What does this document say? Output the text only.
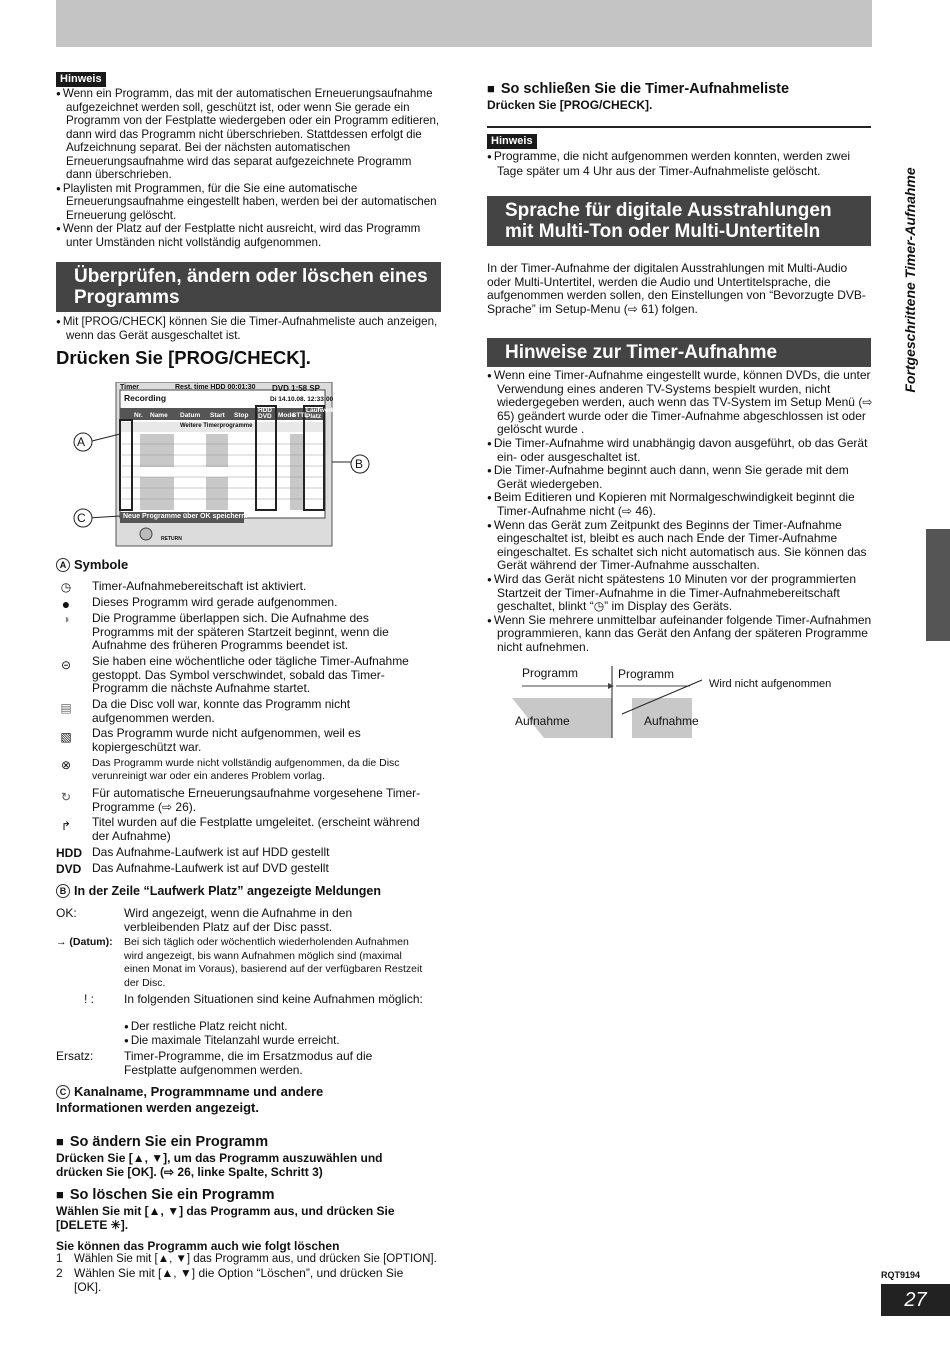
Hinweis

● Wenn ein Programm, das mit der automatischen Erneuerungsaufnahme aufgezeichnet werden soll, geschützt ist, oder wenn Sie gerade ein Programm von der Festplatte wiedergeben oder ein Programm editieren, dann wird das Programm nicht überschrieben. Stattdessen erfolgt die Aufzeichnung separat. Bei der nächsten automatischen Erneuerungsaufnahme wird das separat aufgezeichnete Programm dann überschrieben.

● Playlisten mit Programmen, für die Sie eine automatische Erneuerungsaufnahme eingestellt haben, werden bei der automatischen Erneuerung gelöscht.

● Wenn der Platz auf der Festplatte nicht ausreicht, wird das Programm unter Umständen nicht vollständig aufgenommen.

Überprüfen, ändern oder löschen eines Programms

● Mit [PROG/CHECK] können Sie die Timer-Aufnahmeliste auch anzeigen, wenn das Gerät ausgeschaltet ist.

Drücken Sie [PROG/CHECK].
Timer	Rest. time HDD 00:01:30 DVD 1:58 SP
Recording	Di 14.10.08. 12:33:00
Nr. Name Datum Start Stop
HDD DVD Mode
STTL
Laufwerk Platz
Weitere Timerprogramme
Neue Programme über OK speichern.
RETURN
A
B
C
A Symbole
◷	Timer-Aufnahmebereitschaft ist aktiviert.
●	Dieses Programm wird gerade aufgenommen.
◑	Die Programme überlappen sich. Die Aufnahme des Programms mit der späteren Startzeit beginnt, wenn die Aufnahme des früheren Programms beendet ist.
⊝	Sie haben eine wöchentliche oder tägliche Timer-Aufnahme gestoppt. Das Symbol verschwindet, sobald das Timer-Programm die nächste Aufnahme startet.
▤	Da die Disc voll war, konnte das Programm nicht aufgenommen werden.
▧	Das Programm wurde nicht aufgenommen, weil es kopiergeschützt war.
⊗	Das Programm wurde nicht vollständig aufgenommen, da die Disc verunreinigt war oder ein anderes Problem vorlag.
↻	Für automatische Erneuerungsaufnahme vorgesehene Timer-Programme (⇨ 26).
↱	Titel wurden auf die Festplatte umgeleitet. (erscheint während der Aufnahme)
HDD Das Aufnahme-Laufwerk ist auf HDD gestellt
DVD Das Aufnahme-Laufwerk ist auf DVD gestellt
B In der Zeile “Laufwerk Platz” angezeigte Meldungen
OK:	Wird angezeigt, wenn die Aufnahme in den verbleibenden Platz auf der Disc passt.
→ (Datum):	Bei sich täglich oder wöchentlich wiederholenden Aufnahmen wird angezeigt, bis wann Aufnahmen möglich sind (maximal einen Monat im Voraus), basierend auf der verfügbaren Restzeit der Disc.
! :	In folgenden Situationen sind keine Aufnahmen möglich:
● Der restliche Platz reicht nicht.
● Die maximale Titelanzahl wurde erreicht.
Ersatz:	Timer-Programme, die im Ersatzmodus auf die Festplatte aufgenommen werden.
C Kanalname, Programmname und andere Informationen werden angezeigt.
■ So ändern Sie ein Programm
Drücken Sie [▲, ▼], um das Programm auszuwählen und drücken Sie [OK]. (⇨ 26, linke Spalte, Schritt 3)
■ So löschen Sie ein Programm
Wählen Sie mit [▲, ▼] das Programm aus, und drücken Sie [DELETE ✳].
Sie können das Programm auch wie folgt löschen
1 Wählen Sie mit [▲, ▼] das Programm aus, und drücken Sie [OPTION].
2 Wählen Sie mit [▲, ▼] die Option “Löschen”, und drücken Sie [OK].
■ So schließen Sie die Timer-Aufnahmeliste
Drücken Sie [PROG/CHECK].
Hinweis

● Programme, die nicht aufgenommen werden konnten, werden zwei Tage später um 4 Uhr aus der Timer-Aufnahmeliste gelöscht.

Sprache für digitale Ausstrahlungen mit Multi-Ton oder Multi-Untertiteln

In der Timer-Aufnahme der digitalen Ausstrahlungen mit Multi-Audio oder Multi-Untertitel, werden die Audio und Untertitelsprache, die aufgenommen werden sollen, den Einstellungen von “Bevorzugte DVB-Sprache” im Setup-Menu (⇨ 61) folgen.

Hinweise zur Timer-Aufnahme

● Wenn eine Timer-Aufnahme eingestellt wurde, können DVDs, die unter Verwendung eines anderen TV-Systems bespielt wurden, nicht wiedergegeben werden, auch wenn das TV-System im Setup Menü (⇨ 65) geändert wurde oder die Timer-Aufnahme abgeschlossen ist oder gelöscht wurde .

● Die Timer-Aufnahme wird unabhängig davon ausgeführt, ob das Gerät ein- oder ausgeschaltet ist.

● Die Timer-Aufnahme beginnt auch dann, wenn Sie gerade mit dem Gerät wiedergeben.

● Beim Editieren und Kopieren mit Normalgeschwindigkeit beginnt die Timer-Aufnahme nicht (⇨ 46).

● Wenn das Gerät zum Zeitpunkt des Beginns der Timer-Aufnahme eingeschaltet ist, bleibt es auch nach Ende der Timer-Aufnahme eingeschaltet. Es schaltet sich nicht automatisch aus. Sie können das Gerät während der Timer-Aufnahme ausschalten.

● Wird das Gerät nicht spätestens 10 Minuten vor der programmierten Startzeit der Timer-Aufnahme in die Timer-Aufnahmebereitschaft geschaltet, blinkt “◷” im Display des Geräts.

● Wenn Sie mehrere unmittelbar aufeinander folgende Timer-Aufnahmen programmieren, kann das Gerät den Anfang der späteren Programme nicht aufnehmen.

Programm	Programm
Wird nicht aufgenommen
Aufnahme	Aufnahme
Fortgeschrittene Timer-Aufnahme
RQT9194
27
